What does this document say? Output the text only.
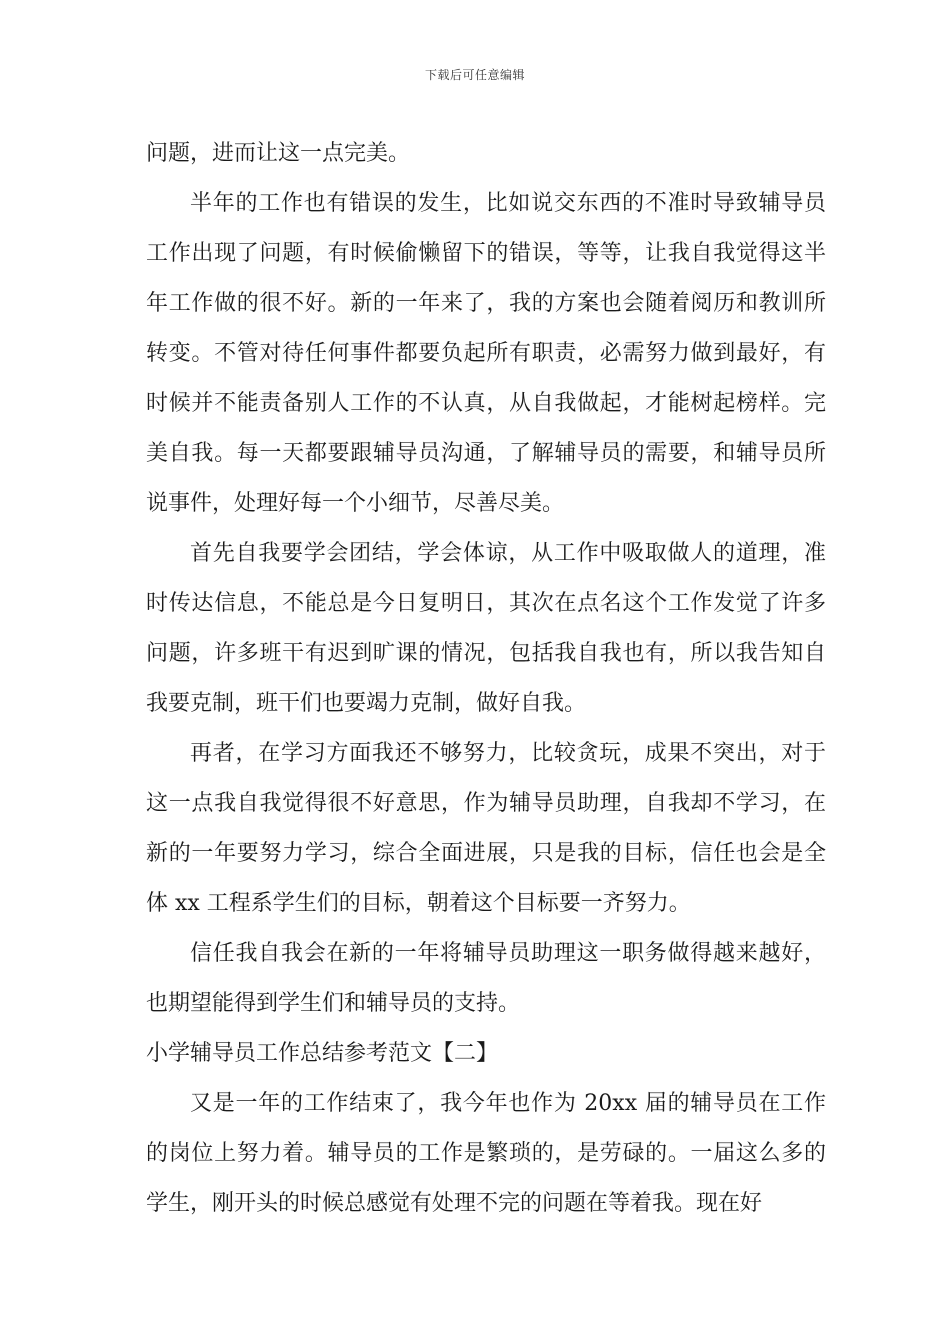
下载后可任意编辑

问题，进而让这一点完美。

半年的工作也有错误的发生，比如说交东西的不准时导致辅导员工作出现了问题，有时候偷懒留下的错误，等等，让我自我觉得这半年工作做的很不好。新的一年来了，我的方案也会随着阅历和教训所转变。不管对待任何事件都要负起所有职责，必需努力做到最好，有时候并不能责备别人工作的不认真，从自我做起，才能树起榜样。完美自我。每一天都要跟辅导员沟通，了解辅导员的需要，和辅导员所说事件，处理好每一个小细节，尽善尽美。

首先自我要学会团结，学会体谅，从工作中吸取做人的道理，准时传达信息，不能总是今日复明日，其次在点名这个工作发觉了许多问题，许多班干有迟到旷课的情况，包括我自我也有，所以我告知自我要克制，班干们也要竭力克制，做好自我。

再者，在学习方面我还不够努力，比较贪玩，成果不突出，对于这一点我自我觉得很不好意思，作为辅导员助理，自我却不学习，在新的一年要努力学习，综合全面进展，只是我的目标，信任也会是全体 xx 工程系学生们的目标，朝着这个目标要一齐努力。

信任我自我会在新的一年将辅导员助理这一职务做得越来越好，也期望能得到学生们和辅导员的支持。

小学辅导员工作总结参考范文【二】

又是一年的工作结束了，我今年也作为 20xx 届的辅导员在工作的岗位上努力着。辅导员的工作是繁琐的，是劳碌的。一届这么多的学生，刚开头的时候总感觉有处理不完的问题在等着我。现在好
